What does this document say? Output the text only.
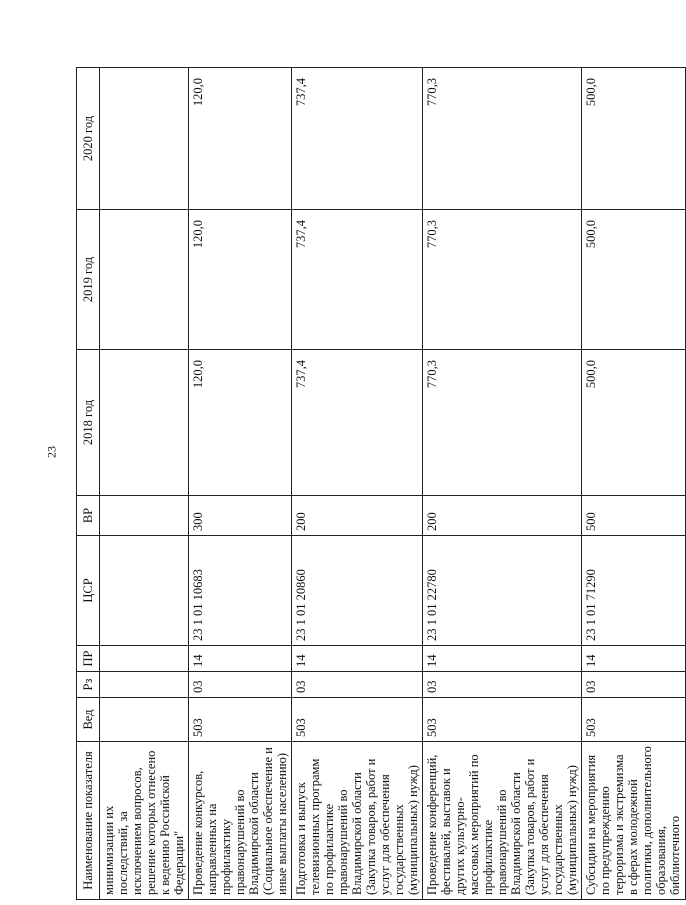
23
Наименование показателя	Вед	Рз	ПР	ЦСР	ВР	2018 год	2019 год	2020 год
минимизации их последствий, за исключением вопросов, решение которых отнесено к ведению Российской Федерации"								
Проведение конкурсов, направленных на профилактику правонарушений во Владимирской области (Социальное обеспечение и иные выплаты населению)	503	03	14	23 1 01 10683	300	120,0	120,0	120,0
Подготовка и выпуск телевизионных программ по профилактике правонарушений во Владимирской области (Закупка товаров, работ и услуг для обеспечения государственных (муниципальных) нужд)	503	03	14	23 1 01 20860	200	737,4	737,4	737,4
Проведение конференций, фестивалей, выставок и других культурно-массовых мероприятий по профилактике правонарушений во Владимирской области (Закупка товаров, работ и услуг для обеспечения государственных (муниципальных) нужд)	503	03	14	23 1 01 22780	200	770,3	770,3	770,3
Субсидии на мероприятия по предупреждению терроризма и экстремизма в сферах молодежной политики, дополнительного образования, библиотечного	503	03	14	23 1 01 71290	500	500,0	500,0	500,0
